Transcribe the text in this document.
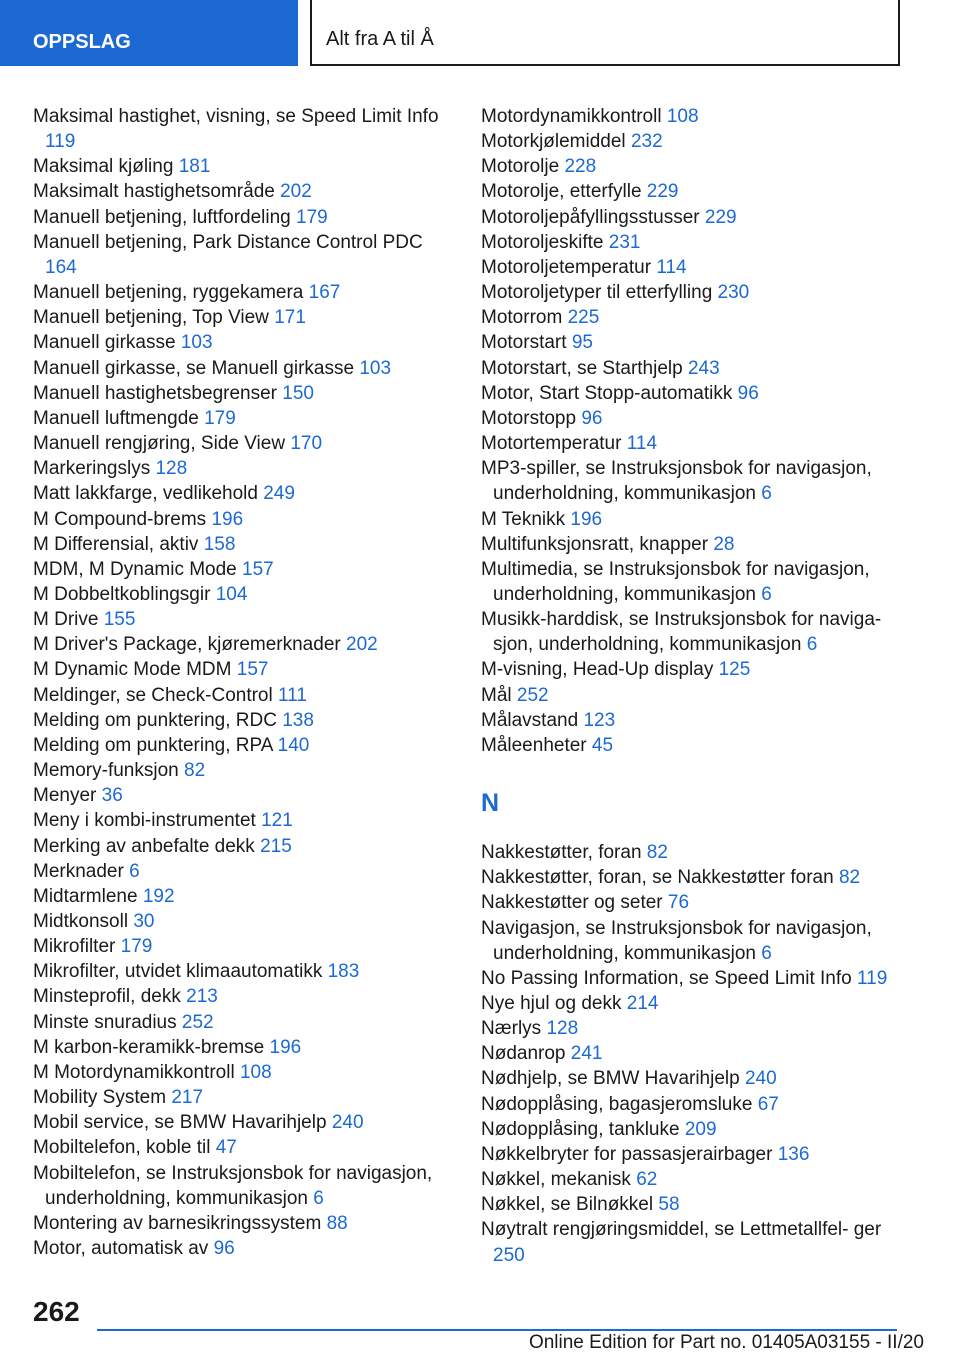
OPPSLAG	Alt fra A til Å
Maksimal hastighet, visning, se Speed Limit Info 119
Maksimal kjøling 181
Maksimalt hastighetsområde 202
Manuell betjening, luftfordeling 179
Manuell betjening, Park Distance Control PDC 164
Manuell betjening, ryggekamera 167
Manuell betjening, Top View 171
Manuell girkasse 103
Manuell girkasse, se Manuell girkasse 103
Manuell hastighetsbegrenser 150
Manuell luftmengde 179
Manuell rengjøring, Side View 170
Markeringslys 128
Matt lakkfarge, vedlikehold 249
M Compound-brems 196
M Differensial, aktiv 158
MDM, M Dynamic Mode 157
M Dobbeltkoblingsgir 104
M Drive 155
M Driver's Package, kjøremerknader 202
M Dynamic Mode MDM 157
Meldinger, se Check-Control 111
Melding om punktering, RDC 138
Melding om punktering, RPA 140
Memory-funksjon 82
Menyer 36
Meny i kombi-instrumentet 121
Merking av anbefalte dekk 215
Merknader 6
Midtarmlene 192
Midtkonsoll 30
Mikrofilter 179
Mikrofilter, utvidet klimaautomatikk 183
Minsteprofil, dekk 213
Minste snuradius 252
M karbon-keramikk-bremse 196
M Motordynamikkontroll 108
Mobility System 217
Mobil service, se BMW Havarihjelp 240
Mobiltelefon, koble til 47
Mobiltelefon, se Instruksjonsbok for navigasjon, underholdning, kommunikasjon 6
Montering av barnesikringssystem 88
Motor, automatisk av 96
Motordynamikkontroll 108
Motorkjølemiddel 232
Motorolje 228
Motorolje, etterfylle 229
Motoroljepåfyllingsstusser 229
Motoroljeskifte 231
Motoroljetemperatur 114
Motoroljetyper til etterfylling 230
Motorrom 225
Motorstart 95
Motorstart, se Starthjelp 243
Motor, Start Stopp-automatikk 96
Motorstopp 96
Motortemperatur 114
MP3-spiller, se Instruksjonsbok for navigasjon, underholdning, kommunikasjon 6
M Teknikk 196
Multifunksjonsratt, knapper 28
Multimedia, se Instruksjonsbok for navigasjon, underholdning, kommunikasjon 6
Musikk-harddisk, se Instruksjonsbok for naviga- sjon, underholdning, kommunikasjon 6
M-visning, Head-Up display 125
Mål 252
Målavstand 123
Måleenheter 45
N
Nakkestøtter, foran 82
Nakkestøtter, foran, se Nakkestøtter foran 82
Nakkestøtter og seter 76
Navigasjon, se Instruksjonsbok for navigasjon, underholdning, kommunikasjon 6
No Passing Information, se Speed Limit Info 119
Nye hjul og dekk 214
Nærlys 128
Nødanrop 241
Nødhjelp, se BMW Havarihjelp 240
Nødopplåsing, bagasjeromsluke 67
Nødopplåsing, tankluke 209
Nøkkelbryter for passasjerairbager 136
Nøkkel, mekanisk 62
Nøkkel, se Bilnøkkel 58
Nøytralt rengjøringsmiddel, se Lettmetallfel- ger 250
262
Online Edition for Part no. 01405A03155 - II/20
